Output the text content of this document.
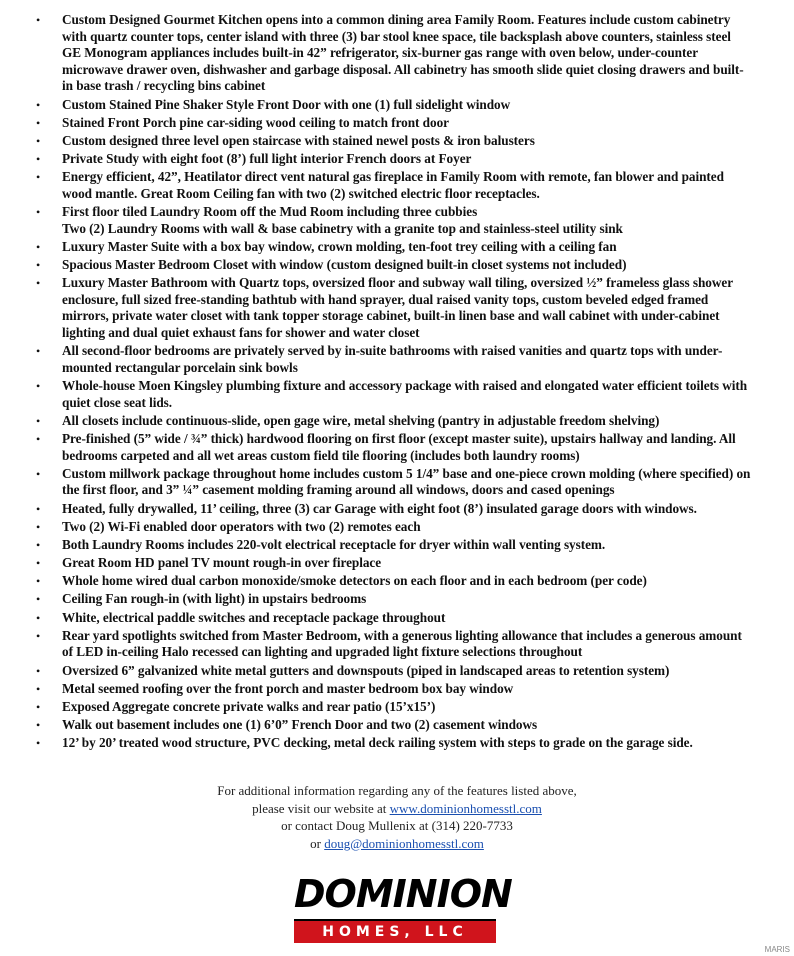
•	Custom Designed Gourmet Kitchen opens into a common dining area Family Room. Features include custom cabinetry with quartz counter tops, center island with three (3) bar stool knee space, tile backsplash above counters, stainless steel GE Monogram appliances includes built-in 42” refrigerator, six-burner gas range with oven below, under-counter microwave drawer oven, dishwasher and garbage disposal. All cabinetry has smooth slide quiet closing drawers and built-in base trash / recycling bins cabinet
•	Custom Stained Pine Shaker Style Front Door with one (1) full sidelight window
•	Stained Front Porch pine car-siding wood ceiling to match front door
•	Custom designed three level open staircase with stained newel posts & iron balusters
•	Private Study with eight foot (8’) full light interior French doors at Foyer
•	Energy efficient, 42”, Heatilator direct vent natural gas fireplace in Family Room with remote, fan blower and painted wood mantle. Great Room Ceiling fan with two (2) switched electric floor receptacles.
•	First floor tiled Laundry Room off the Mud Room including three cubbies
Two (2) Laundry Rooms with wall & base cabinetry with a granite top and stainless-steel utility sink
•	Luxury Master Suite with a box bay window, crown molding, ten-foot trey ceiling with a ceiling fan
•	Spacious Master Bedroom Closet with window (custom designed built-in closet systems not included)
•	Luxury Master Bathroom with Quartz tops, oversized floor and subway wall tiling, oversized ½” frameless glass shower enclosure, full sized free-standing bathtub with hand sprayer, dual raised vanity tops, custom beveled edged framed mirrors, private water closet with tank topper storage cabinet, built-in linen base and wall cabinet with under-cabinet lighting and dual quiet exhaust fans for shower and water closet
•	All second-floor bedrooms are privately served by in-suite bathrooms with raised vanities and quartz tops with under-mounted rectangular porcelain sink bowls
•	Whole-house Moen Kingsley plumbing fixture and accessory package with raised and elongated water efficient toilets with quiet close seat lids.
•	All closets include continuous-slide, open gage wire, metal shelving (pantry in adjustable freedom shelving)
•	Pre-finished (5” wide / ¾” thick) hardwood flooring on first floor (except master suite), upstairs hallway and landing. All bedrooms carpeted and all wet areas custom field tile flooring (includes both laundry rooms)
•	Custom millwork package throughout home includes custom 5 1/4” base and one-piece crown molding (where specified) on the first floor, and 3” ¼” casement molding framing around all windows, doors and cased openings
•	Heated, fully drywalled, 11’ ceiling, three (3) car Garage with eight foot (8’) insulated garage doors with windows.
•	Two (2) Wi-Fi enabled door operators with two (2) remotes each
•	Both Laundry Rooms includes 220-volt electrical receptacle for dryer within wall venting system.
•	Great Room HD panel TV mount rough-in over fireplace
•	Whole home wired dual carbon monoxide/smoke detectors on each floor and in each bedroom (per code)
•	Ceiling Fan rough-in (with light) in upstairs bedrooms
•	White, electrical paddle switches and receptacle package throughout
•	Rear yard spotlights switched from Master Bedroom, with a generous lighting allowance that includes a generous amount of LED in-ceiling Halo recessed can lighting and upgraded light fixture selections throughout
•	Oversized 6” galvanized white metal gutters and downspouts (piped in landscaped areas to retention system)
•	Metal seemed roofing over the front porch and master bedroom box bay window
•	Exposed Aggregate concrete private walks and rear patio (15’x15’)
•	Walk out basement includes one (1) 6’0” French Door and two (2) casement windows
•	12’ by 20’ treated wood structure, PVC decking, metal deck railing system with steps to grade on the garage side.
For additional information regarding any of the features listed above,
please visit our website at www.dominionhomesstl.com
or contact Doug Mullenix at (314) 220-7733
or doug@dominionhomesstl.com
DOMINION
HOMES, LLC
MARIS
